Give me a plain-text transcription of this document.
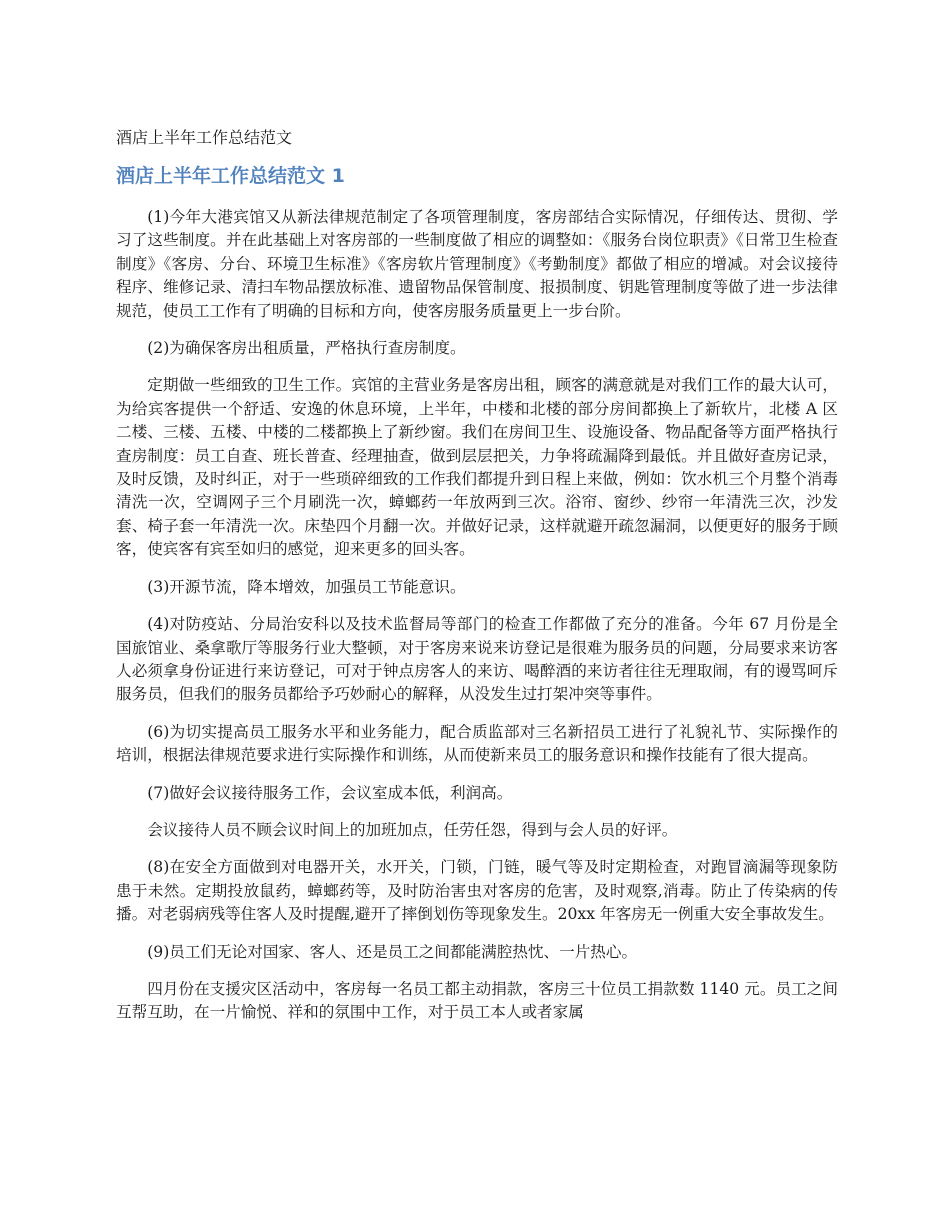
酒店上半年工作总结范文
酒店上半年工作总结范文 1

(1)今年大港宾馆又从新法律规范制定了各项管理制度，客房部结合实际情况，仔细传达、贯彻、学习了这些制度。并在此基础上对客房部的一些制度做了相应的调整如：《服务台岗位职责》《日常卫生检查制度》《客房、分台、环境卫生标准》《客房软片管理制度》《考勤制度》都做了相应的增减。对会议接待程序、维修记录、清扫车物品摆放标准、遗留物品保管制度、报损制度、钥匙管理制度等做了进一步法律规范，使员工工作有了明确的目标和方向，使客房服务质量更上一步台阶。

(2)为确保客房出租质量，严格执行查房制度。

定期做一些细致的卫生工作。宾馆的主营业务是客房出租，顾客的满意就是对我们工作的最大认可，为给宾客提供一个舒适、安逸的休息环境，上半年，中楼和北楼的部分房间都换上了新软片，北楼 A 区二楼、三楼、五楼、中楼的二楼都换上了新纱窗。我们在房间卫生、设施设备、物品配备等方面严格执行查房制度：员工自查、班长普查、经理抽查，做到层层把关，力争将疏漏降到最低。并且做好查房记录，及时反馈，及时纠正，对于一些琐碎细致的工作我们都提升到日程上来做，例如：饮水机三个月整个消毒清洗一次，空调网子三个月刷洗一次，蟑螂药一年放两到三次。浴帘、窗纱、纱帘一年清洗三次，沙发套、椅子套一年清洗一次。床垫四个月翻一次。并做好记录，这样就避开疏忽漏洞，以便更好的服务于顾客，使宾客有宾至如归的感觉，迎来更多的回头客。

(3)开源节流，降本增效，加强员工节能意识。

(4)对防疫站、分局治安科以及技术监督局等部门的检查工作都做了充分的准备。今年 67 月份是全国旅馆业、桑拿歌厅等服务行业大整顿，对于客房来说来访登记是很难为服务员的问题，分局要求来访客人必须拿身份证进行来访登记，可对于钟点房客人的来访、喝醉酒的来访者往往无理取闹，有的谩骂呵斥服务员，但我们的服务员都给予巧妙耐心的解释，从没发生过打架冲突等事件。

(6)为切实提高员工服务水平和业务能力，配合质监部对三名新招员工进行了礼貌礼节、实际操作的培训，根据法律规范要求进行实际操作和训练，从而使新来员工的服务意识和操作技能有了很大提高。

(7)做好会议接待服务工作，会议室成本低，利润高。

会议接待人员不顾会议时间上的加班加点，任劳任怨，得到与会人员的好评。

(8)在安全方面做到对电器开关，水开关，门锁，门链，暖气等及时定期检查，对跑冒滴漏等现象防患于未然。定期投放鼠药，蟑螂药等，及时防治害虫对客房的危害，及时观察,消毒。防止了传染病的传播。对老弱病残等住客人及时提醒,避开了摔倒划伤等现象发生。20xx 年客房无一例重大安全事故发生。

(9)员工们无论对国家、客人、还是员工之间都能满腔热忱、一片热心。

四月份在支援灾区活动中，客房每一名员工都主动捐款，客房三十位员工捐款数 1140 元。员工之间互帮互助，在一片愉悦、祥和的氛围中工作，对于员工本人或者家属
